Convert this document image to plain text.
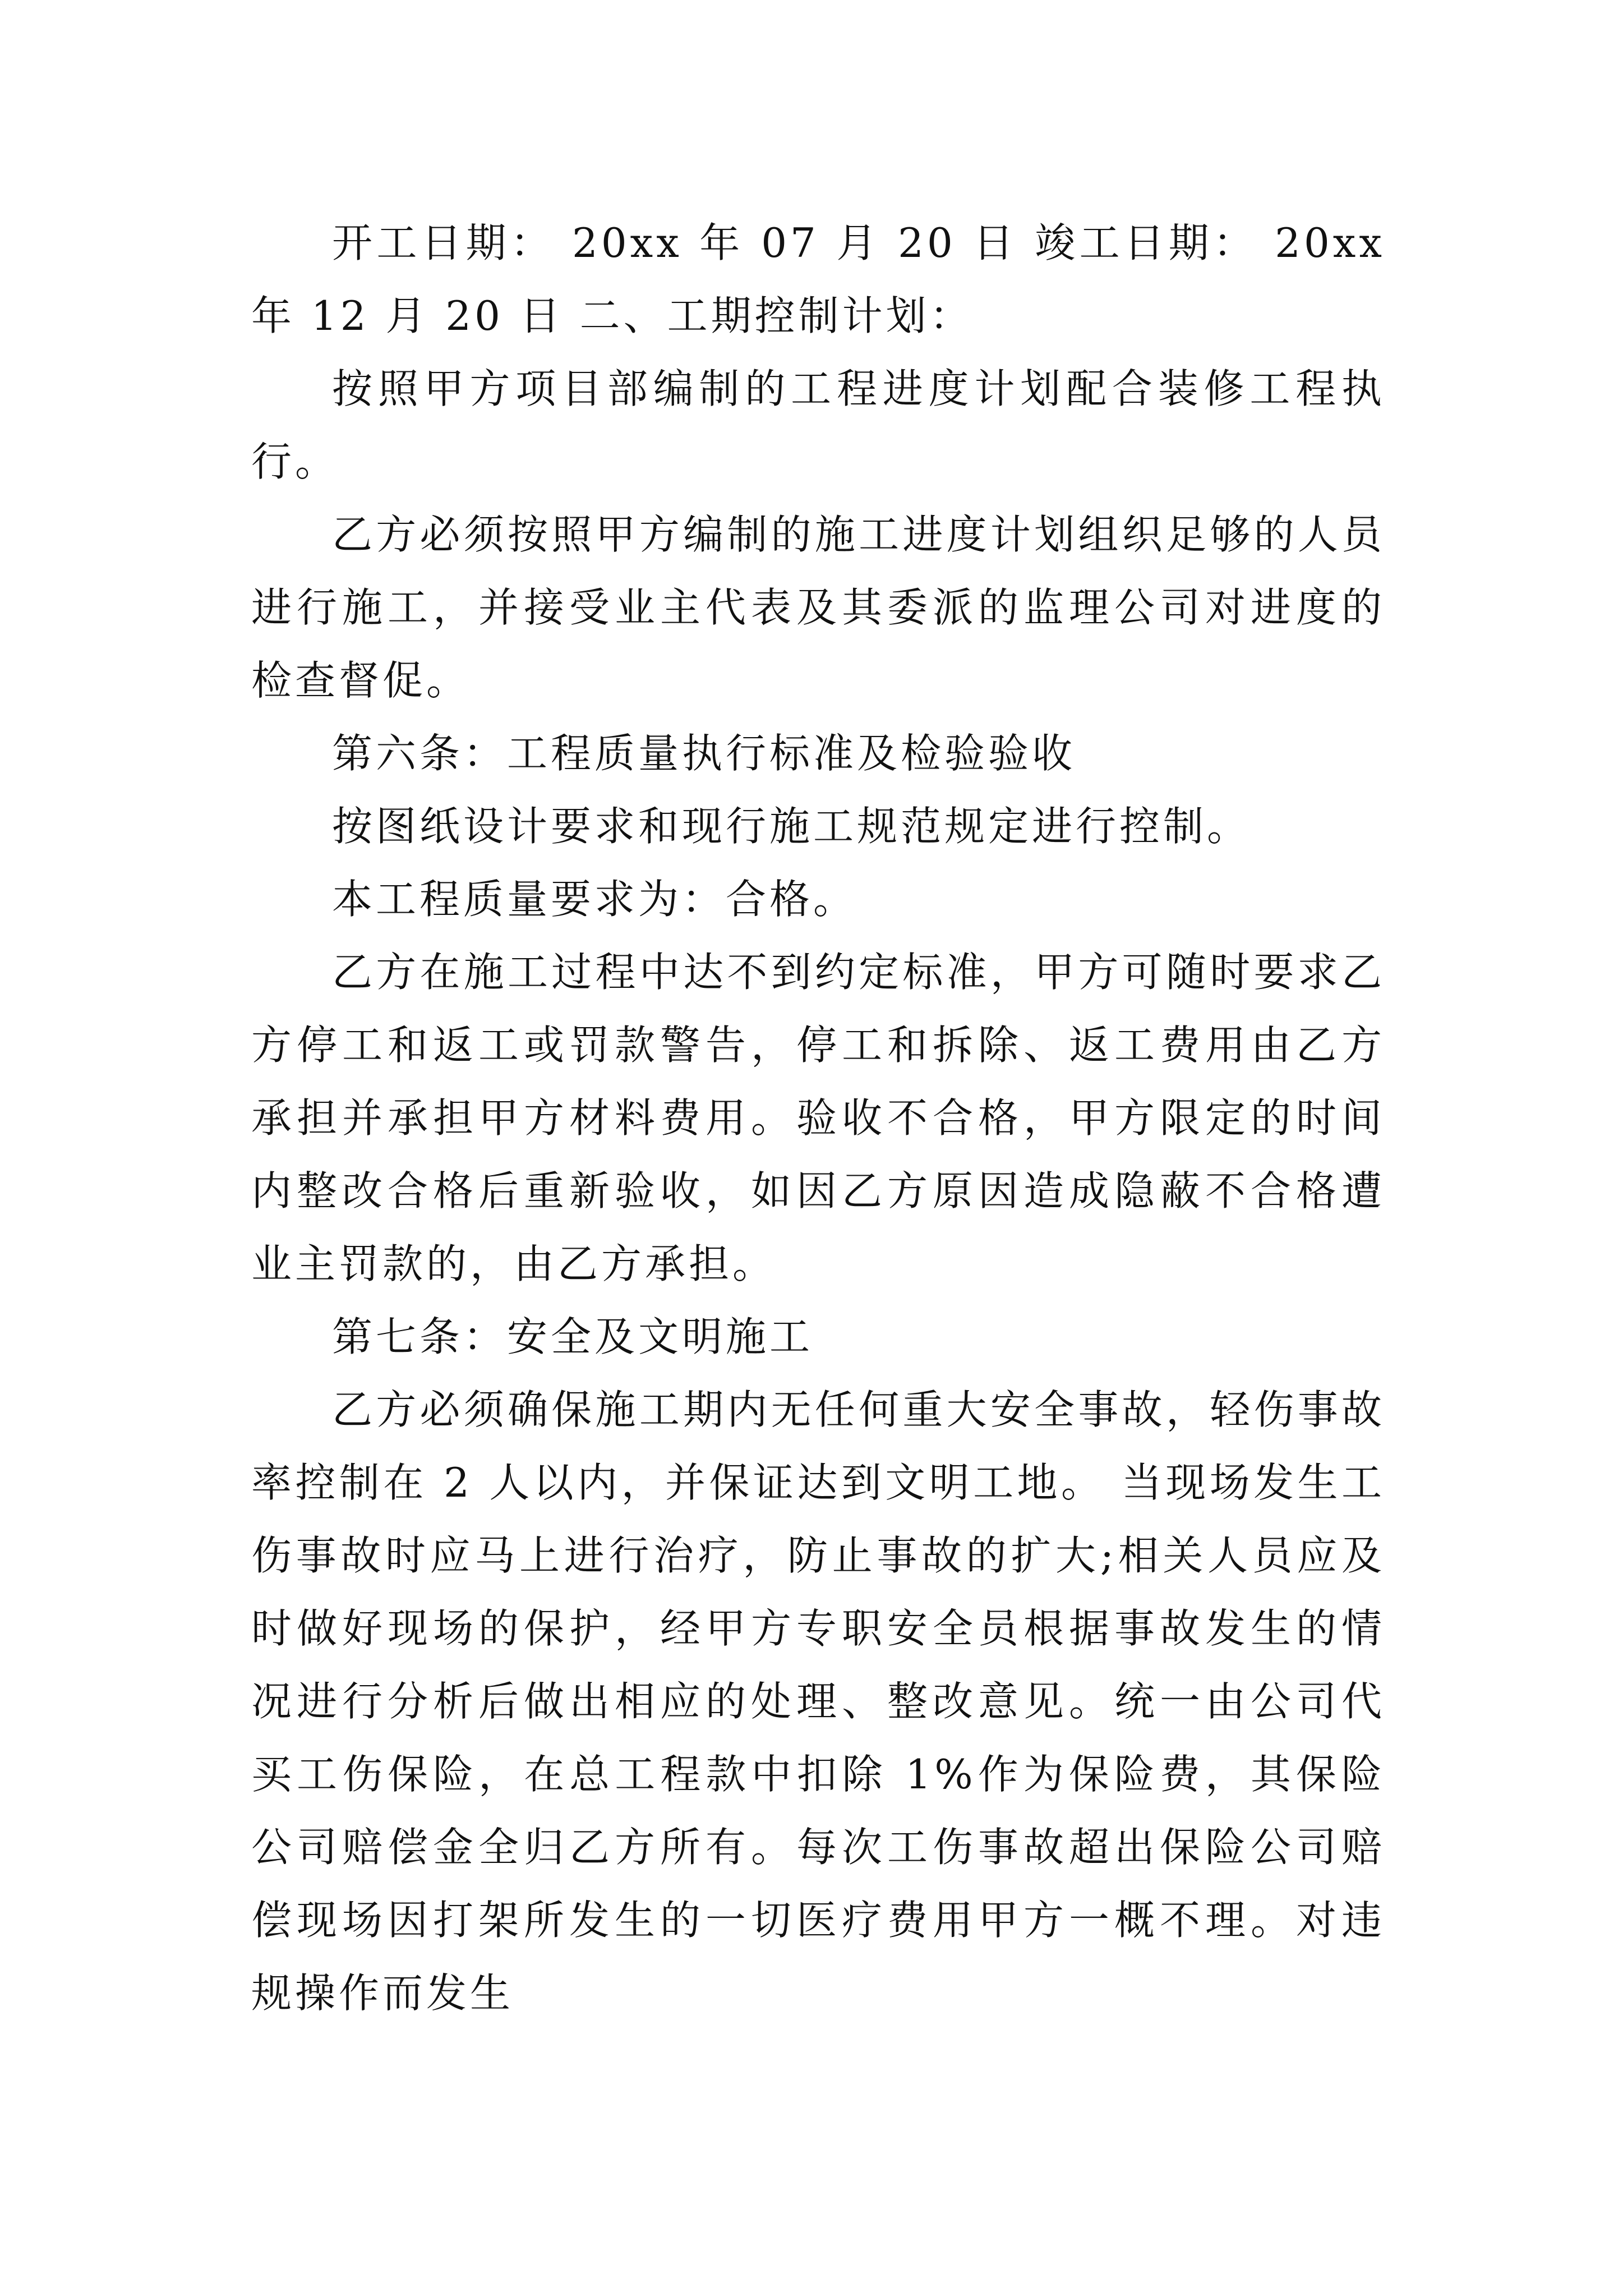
开工日期： 20xx 年 07 月 20 日 竣工日期： 20xx 年 12 月 20 日 二、工期控制计划：

按照甲方项目部编制的工程进度计划配合装修工程执行。

乙方必须按照甲方编制的施工进度计划组织足够的人员进行施工，并接受业主代表及其委派的监理公司对进度的检查督促。

第六条：工程质量执行标准及检验验收

按图纸设计要求和现行施工规范规定进行控制。

本工程质量要求为：合格。

乙方在施工过程中达不到约定标准，甲方可随时要求乙方停工和返工或罚款警告，停工和拆除、返工费用由乙方承担并承担甲方材料费用。验收不合格，甲方限定的时间内整改合格后重新验收，如因乙方原因造成隐蔽不合格遭业主罚款的，由乙方承担。

第七条：安全及文明施工

乙方必须确保施工期内无任何重大安全事故，轻伤事故率控制在 2 人以内，并保证达到文明工地。 当现场发生工伤事故时应马上进行治疗，防止事故的扩大;相关人员应及时做好现场的保护，经甲方专职安全员根据事故发生的情况进行分析后做出相应的处理、整改意见。统一由公司代买工伤保险，在总工程款中扣除 1%作为保险费，其保险公司赔偿金全归乙方所有。每次工伤事故超出保险公司赔偿现场因打架所发生的一切医疗费用甲方一概不理。对违规操作而发生
